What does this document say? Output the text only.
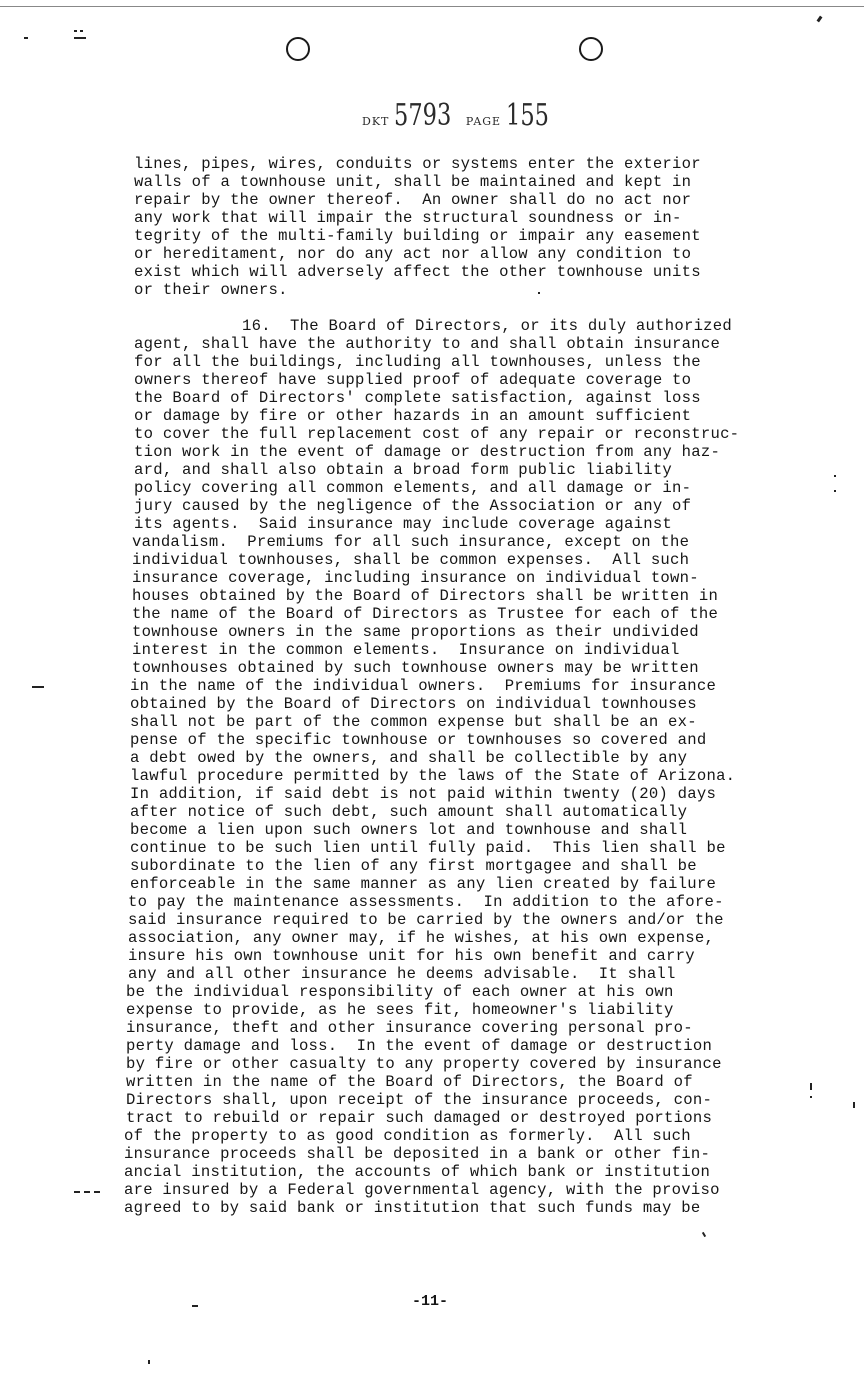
DKT 5793 PAGE 155
lines, pipes, wires, conduits or systems enter the exterior
walls of a townhouse unit, shall be maintained and kept in
repair by the owner thereof.  An owner shall do no act nor
any work that will impair the structural soundness or in-
tegrity of the multi-family building or impair any easement
or hereditament, nor do any act nor allow any condition to
exist which will adversely affect the other townhouse units
or their owners.
16.  The Board of Directors, or its duly authorized
agent, shall have the authority to and shall obtain insurance
for all the buildings, including all townhouses, unless the
owners thereof have supplied proof of adequate coverage to
the Board of Directors' complete satisfaction, against loss
or damage by fire or other hazards in an amount sufficient
to cover the full replacement cost of any repair or reconstruc-
tion work in the event of damage or destruction from any haz-
ard, and shall also obtain a broad form public liability
policy covering all common elements, and all damage or in-
jury caused by the negligence of the Association or any of
its agents.  Said insurance may include coverage against
vandalism.  Premiums for all such insurance, except on the
individual townhouses, shall be common expenses.  All such
insurance coverage, including insurance on individual town-
houses obtained by the Board of Directors shall be written in
the name of the Board of Directors as Trustee for each of the
townhouse owners in the same proportions as their undivided
interest in the common elements.  Insurance on individual
townhouses obtained by such townhouse owners may be written
in the name of the individual owners.  Premiums for insurance
obtained by the Board of Directors on individual townhouses
shall not be part of the common expense but shall be an ex-
pense of the specific townhouse or townhouses so covered and
a debt owed by the owners, and shall be collectible by any
lawful procedure permitted by the laws of the State of Arizona.
In addition, if said debt is not paid within twenty (20) days
after notice of such debt, such amount shall automatically
become a lien upon such owners lot and townhouse and shall
continue to be such lien until fully paid.  This lien shall be
subordinate to the lien of any first mortgagee and shall be
enforceable in the same manner as any lien created by failure
to pay the maintenance assessments.  In addition to the afore-
said insurance required to be carried by the owners and/or the
association, any owner may, if he wishes, at his own expense,
insure his own townhouse unit for his own benefit and carry
any and all other insurance he deems advisable.  It shall
be the individual responsibility of each owner at his own
expense to provide, as he sees fit, homeowner's liability
insurance, theft and other insurance covering personal pro-
perty damage and loss.  In the event of damage or destruction
by fire or other casualty to any property covered by insurance
written in the name of the Board of Directors, the Board of
Directors shall, upon receipt of the insurance proceeds, con-
tract to rebuild or repair such damaged or destroyed portions
of the property to as good condition as formerly.  All such
insurance proceeds shall be deposited in a bank or other fin-
ancial institution, the accounts of which bank or institution
are insured by a Federal governmental agency, with the proviso
agreed to by said bank or institution that such funds may be
-11-
